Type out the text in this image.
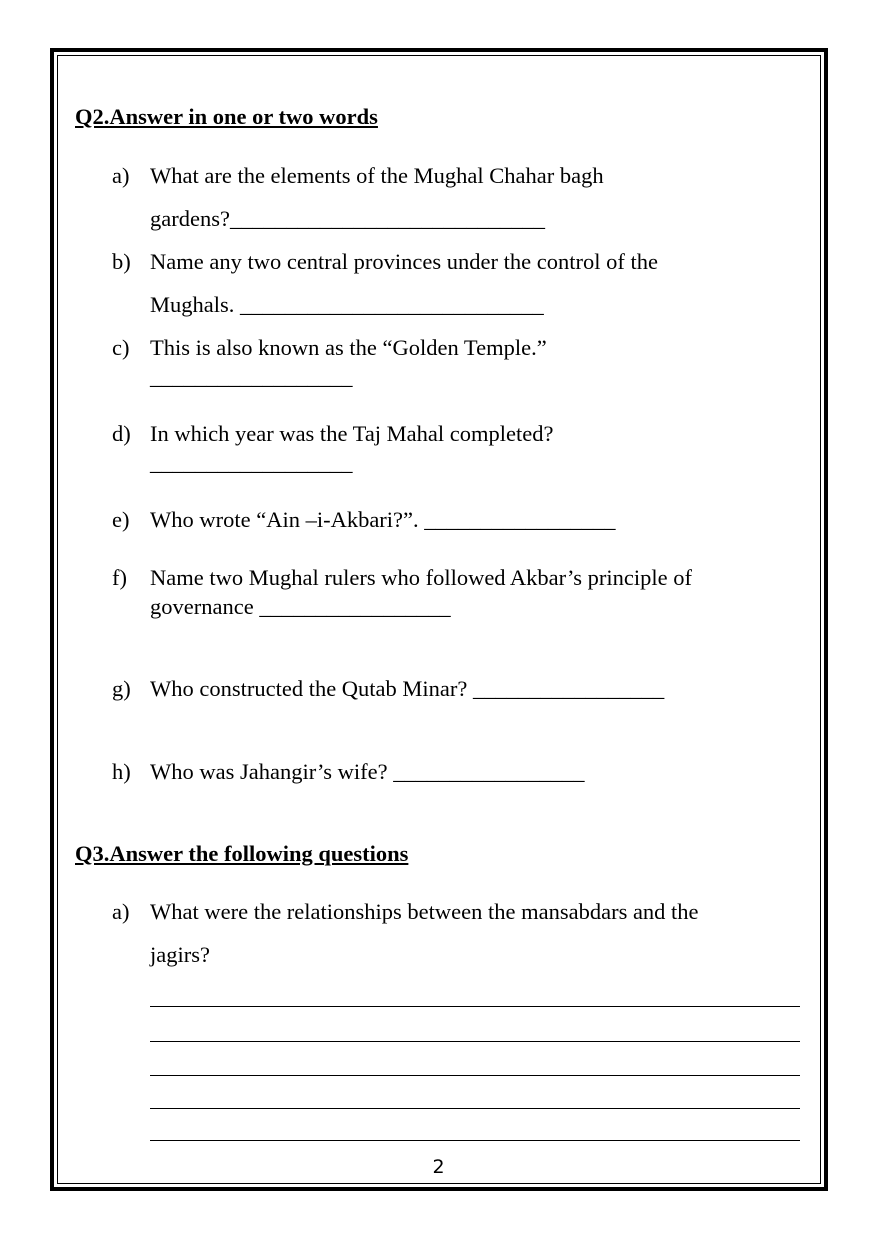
Q2.Answer in one or two words
a) What are the elements of the Mughal Chahar bagh
gardens?____________________________
b) Name any two central provinces under the control of the
Mughals. ___________________________
c) This is also known as the “Golden Temple.”
__________________
d) In which year was the Taj Mahal completed?
__________________
e) Who wrote “Ain –i-Akbari?”. _________________
f) Name two Mughal rulers who followed Akbar’s principle of
governance _________________
g) Who constructed the Qutab Minar? _________________
h) Who was Jahangir’s wife? _________________
Q3.Answer the following questions
a) What were the relationships between the mansabdars and the
jagirs?
2
